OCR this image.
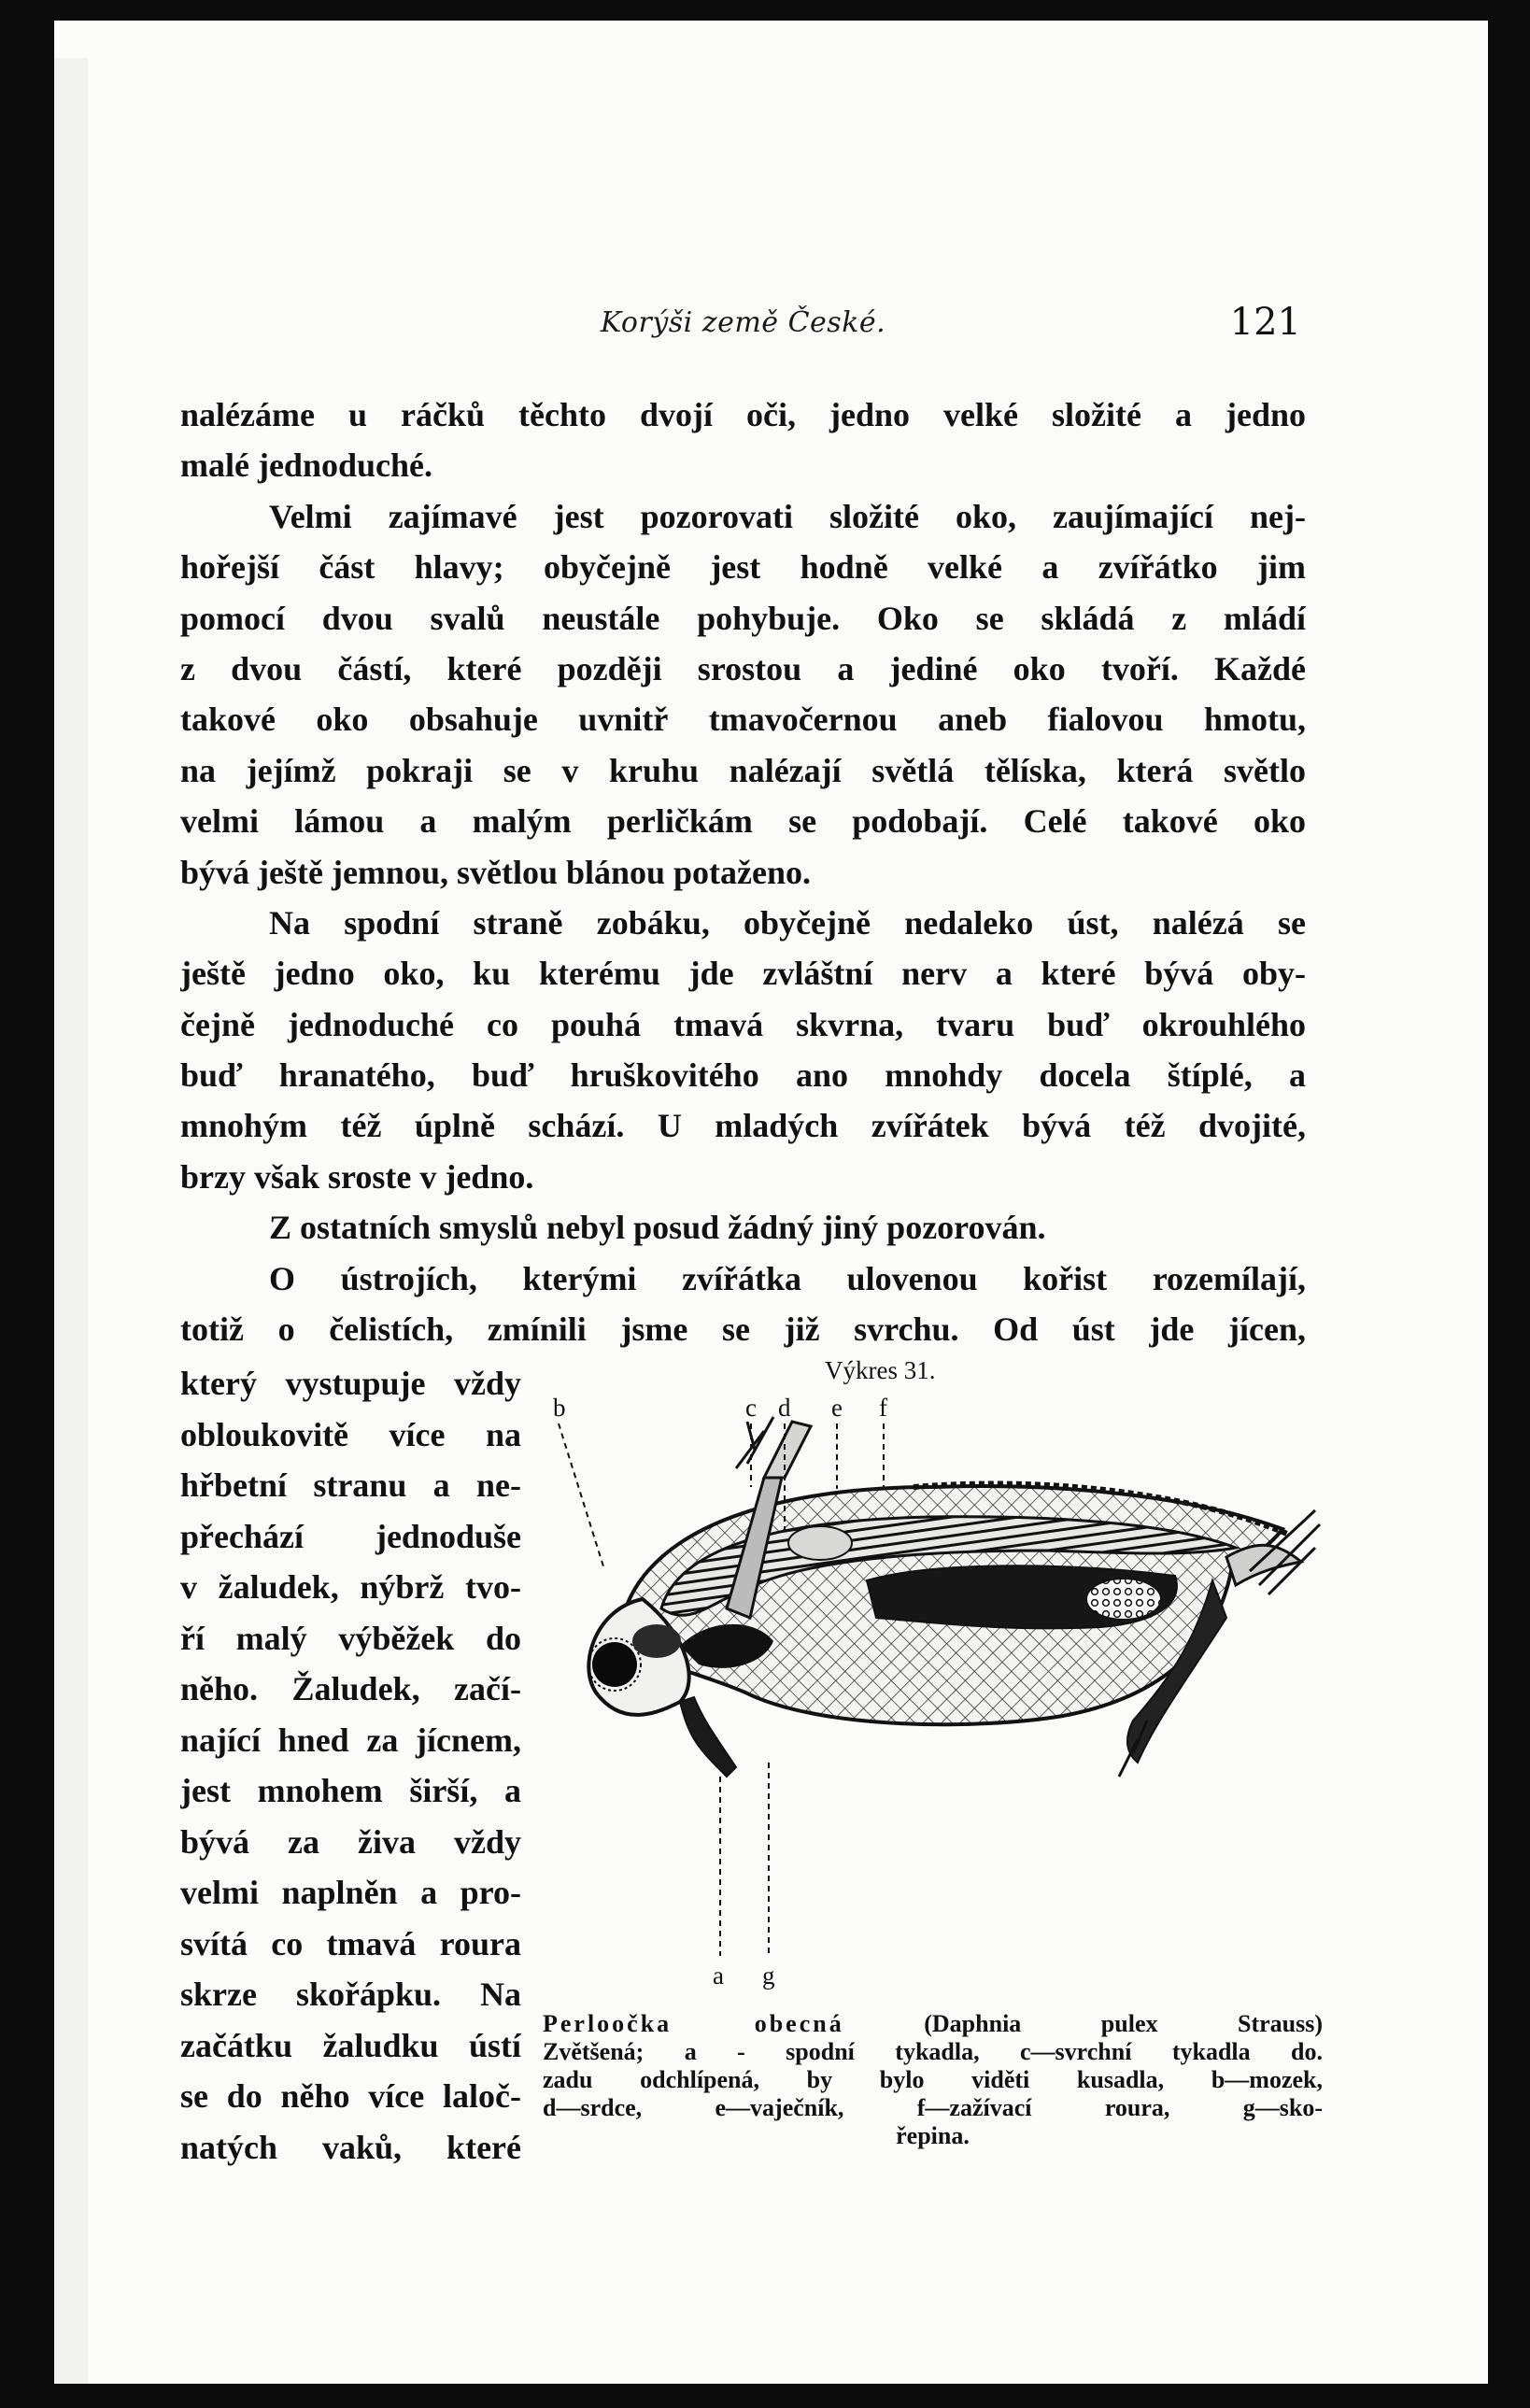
Korýši země České.	121
nalézáme u ráčků těchto dvojí oči, jedno velké složité a jedno
malé jednoduché.
Velmi zajímavé jest pozorovati složité oko, zaujímající nej-
hořejší část hlavy; obyčejně jest hodně velké a zvířátko jim
pomocí dvou svalů neustále pohybuje. Oko se skládá z mládí
z dvou částí, které později srostou a jediné oko tvoří. Každé
takové oko obsahuje uvnitř tmavočernou aneb fialovou hmotu,
na jejímž pokraji se v kruhu nalézají světlá tělíska, která světlo
velmi lámou a malým perličkám se podobají. Celé takové oko
bývá ještě jemnou, světlou blánou potaženo.
Na spodní straně zobáku, obyčejně nedaleko úst, nalézá se
ještě jedno oko, ku kterému jde zvláštní nerv a které bývá oby-
čejně jednoduché co pouhá tmavá skvrna, tvaru buď okrouhlého
buď hranatého, buď hruškovitého ano mnohdy docela štíplé, a
mnohým též úplně schází. U mladých zvířátek bývá též dvojité,
brzy však sroste v jedno.
Z ostatních smyslů nebyl posud žádný jiný pozorován.
O ústrojích, kterými zvířátka ulovenou kořist rozemílají,
totiž o čelistích, zmínili jsme se již svrchu. Od úst jde jícen,
který vystupuje vždy
obloukovitě více na
hřbetní stranu a ne-
přechází jednoduše
v žaludek, nýbrž tvo-
ří malý výběžek do
něho. Žaludek, začí-
nající hned za jícnem,
jest mnohem širší, a
bývá za živa vždy
velmi naplněn a pro-
svítá co tmavá roura
skrze skořápku. Na
začátku žaludku ústí
se do něho více laloč-
natých vaků, které
Výkres 31.
b	c d e f
a g
Perloočka obecná	(Daphnia pulex Strauss)
Zvětšená; a - spodní tykadla, c—svrchní tykadla do.
zadu odchlípená, by bylo viděti kusadla, b—mozek,
d—srdce, e—vaječník, f—zažívací roura, g—sko-
řepina.
